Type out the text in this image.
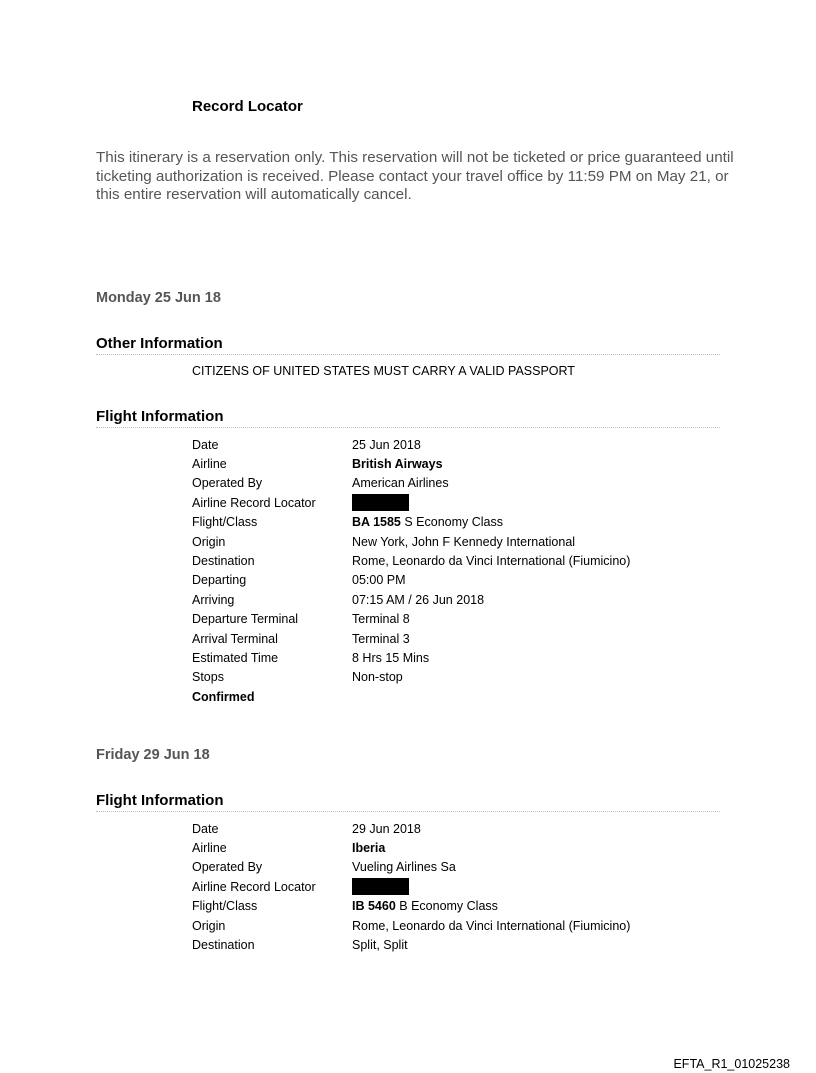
Record Locator
This itinerary is a reservation only. This reservation will not be ticketed or price guaranteed until ticketing authorization is received. Please contact your travel office by 11:59 PM on May 21, or this entire reservation will automatically cancel.
Monday 25 Jun 18
Other Information
CITIZENS OF UNITED STATES MUST CARRY A VALID PASSPORT
Flight Information
Date	25 Jun 2018
Airline	British Airways
Operated By	American Airlines
Airline Record Locator
Flight/Class	BA 1585 S Economy Class
Origin	New York, John F Kennedy International
Destination	Rome, Leonardo da Vinci International (Fiumicino)
Departing	05:00 PM
Arriving	07:15 AM / 26 Jun 2018
Departure Terminal	Terminal 8
Arrival Terminal	Terminal 3
Estimated Time	8 Hrs 15 Mins
Stops	Non-stop
Confirmed
Friday 29 Jun 18
Flight Information
Date	29 Jun 2018
Airline	Iberia
Operated By	Vueling Airlines Sa
Airline Record Locator
Flight/Class	IB 5460 B Economy Class
Origin	Rome, Leonardo da Vinci International (Fiumicino)
Destination	Split, Split
EFTA_R1_01025238
